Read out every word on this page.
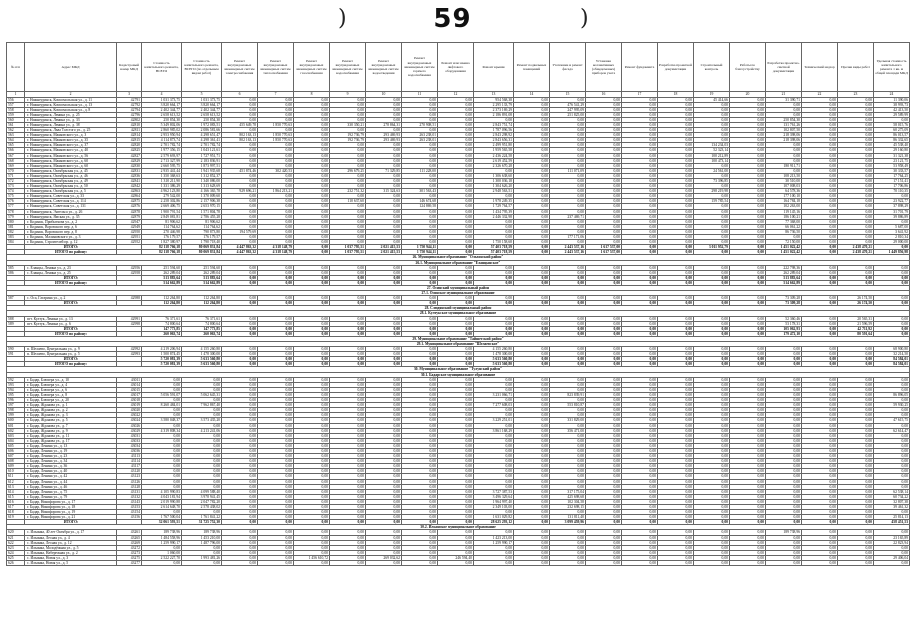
)	59	)
№ п/п	Адрес МКД	Кадастровый номер МКД	Стоимость капитального ремонта, ВСЕГО	Стоимость капитального ремонта, ВСЕГО (по отдельным видам работ)	Ремонт внутридомовых инженерных систем электроснабжения	Ремонт внутридомовых инженерных систем теплоснабжения	Ремонт внутридомовых инженерных систем газоснабжения	Ремонт внутридомовых инженерных систем водоснабжения	Ремонт внутридомовых инженерных систем водоотведения	Ремонт внутридомовых инженерных систем горячего водоснабжения	Ремонт или замена лифтового оборудования	Ремонт крыши	Ремонт подвальных помещений	Утепление и ремонт фасада	Установка коллективных (общедомовых) приборов учета	Ремонт фундамента	Разработка проектной документации	Строительный контроль	Работы по благоустройству	Разработка проектно-сметной документации	Технический надзор	Прочие виды работ	Удельная стоимость капитального ремонта 1 кв. м общей площади МКД
1	2	3	4	5	6	7	8	9	10	11	12	13	14	15	16	17	18	19	20	21	22	23	24
556	г. Нижнеудинск, Комсомольская ул., д. 11	42791	1 031 373,75	1 031 373,75	0,00	0,00	0,00	0,00	0,00	0,00	0,00	954 568,38	0,00	0,00	0,00	0,00	0,00	45 414,66	0,00	31 390,71	0,00	0,00	11 390,06
557	г. Нижнеудинск, Комсомольская ул., д. 13	42792	3 820 664,17	3 820 664,17	0,00	0,00	0,00	0,00	0,00	0,00	0,00	2 295 133,79	0,00	476 541,29	0,00	0,00	0,00	0,00	0,00	0,00	0,00	0,00	38 993,73
558	г. Нижнеудинск, Комсомольская ул., д. 8	42794	2 402 344,77	2 402 344,77	0,00	0,00	0,00	0,00	0,00	0,00	0,00	2 373 169,29	0,00	247 995,09	0,00	0,00	0,00	0,00	0,00	0,00	0,00	0,00	42 413,50
559	г. Нижнеудинск, Ленина ул., д. 25	42796	2 658 613,52	2 658 613,52	0,00	0,00	0,00	0,00	0,00	0,00	0,00	2 186 891,08	0,00	251 825,00	0,00	0,00	0,00	0,00	0,00	0,00	0,00	0,00	29 589,99
560	г. Нижнеудинск, Ленина ул., д. 33	42802	250 854,30	250 854,30	0,00	0,00	0,00	0,00	0,00	0,00	0,00	0,00	0,00	0,00	0,00	0,00	0,00	0,00	0,00	250 854,30	0,00	0,00	0,00
561	г. Нижнеудинск, Ленина ул., д. 38	42810	5 349 802,06	1 972 083,51	455 649,78	1 850 770,63	0,00	330 350,21	278 864,31	270 908,51	0,00	2 843 751,74	0,00	0,00	0,00	0,00	0,00	0,00	0,00	131 761,26	0,00	0,00	58 015,76
562	г. Нижнеудинск, Льва Толстого ул., д. 25	42811	2 860 985,02	2 086 581,66	0,00	0,00	0,00	0,00	0,00	0,00	0,00	1 787 096,56	0,00	0,00	0,00	0,00	0,00	0,00	0,00	102 807,50	0,00	0,00	60 275,09
563	г. Нижнеудинск, Маяковского ул., д. 3	42814	2 953 950,94	4 298 651,47	802 163,13	1 850 770,63	0,00	192 736,79	293 469,93	263 238,01	0,00	2 843 298,92	0,00	0,00	0,00	0,00	0,00	0,00	0,00	218 398,06	0,00	0,00	86 013,57
564	г. Нижнеудинск, Маяковского ул., д. 35	42815	4 114 873,74	4 298 361,41	802 163,13	1 850 770,63	0,00	192 736,79	293 469,93	263 238,01	0,00	2 843 656,31	0,00	0,00	0,00	0,00	0,00	0,00	0,00	218 398,06	0,00	0,00	86 332,65
565	г. Нижнеудинск, Маяковского ул., д. 37	42820	2 701 782,74	2 701 782,74	0,00	0,00	0,00	0,00	0,00	0,00	0,00	2 499 951,80	0,00	0,00	0,00	0,00	0,00	134 234,03	0,00	0,00	0,00	0,00	45 538,40
566	г. Нижнеудинск, Маяковского ул., д. 40	42825	1 977 356,15	1 043 121,61	0,00	0,00	0,00	0,00	0,00	0,00	0,00	1 959 565,58	0,00	0,00	0,00	0,00	0,00	52 323,14	0,00	0,00	0,00	0,00	29 160,80
567	г. Нижнеудинск, Маяковского ул., д. 56	42827	2 579 693,97	1 727 951,71	0,00	0,00	0,00	0,00	0,00	0,00	0,00	2 436 224,58	0,00	0,00	0,00	0,00	0,00	100 212,89	0,00	0,00	0,00	0,00	31 321,38
568	г. Нижнеудинск, Маяковского ул., д. 60	42829	2 713 327,99	2 183 836,91	0,00	0,00	0,00	0,00	0,00	0,00	0,00	2 619 452,59	0,00	0,00	0,00	0,00	0,00	100 473,14	0,00	0,00	0,00	0,00	23 121,75
569	г. Нижнеудинск, Маяковского ул., д. 60	42830	2 660 595,75	1 873 997,51	0,00	0,00	0,00	0,00	0,00	0,00	0,00	2 326 670,28	0,00	0,00	0,00	0,00	0,00	0,00	0,00	180 911,71	0,00	0,00	53 958,49
570	г. Нижнеудинск, Октябрьская ул., д. 45	42831	2 935 441,44	1 941 935,68	451 874,46	302 420,53	0,00	296 679,25	71 329,85	111 228,00	0,00	0,00	0,00	111 071,09	0,00	0,00	0,00	24 561,00	0,00	0,00	0,00	0,00	30 333,57
571	г. Нижнеудинск, Октябрьская ул., д. 46	42836	1 350 368,63	1 312 852,37	0,00	0,00	0,00	0,00	0,00	0,00	0,00	1 306 638,60	0,00	0,00	0,00	0,00	0,00	0,00	0,00	108 213,50	0,00	0,00	17 764,25
572	г. Нижнеудинск, Октябрьская ул., д. 49	42841	1 310 211,90	1 340 086,00	0,00	0,00	0,00	0,00	0,00	0,00	0,00	1 300 036,18	0,00	0,00	0,00	0,00	0,00	73 396,85	0,00	30 510,00	0,00	0,00	17 151,41
573	г. Нижнеудинск, Октябрьская ул., д. 50	42842	1 331 386,29	1 313 628,69	0,00	0,00	0,00	0,00	0,00	0,00	0,00	1 304 626,20	0,00	0,00	0,00	0,00	0,00	0,00	0,00	107 008,03	0,00	0,00	17 706,86
574	г. Нижнеудинск, Октябрьская ул., д. 5	42863	4 962 123,80	4 166 365,78	929 696,21	1 864 213,21	0,00	232 751,32	315 324,63	301 563,43	0,00	2 948 563,51	0,00	0,00	0,00	0,00	0,00	298 219,98	0,00	64 578,36	0,00	0,00	70 110,35
575	г. Нижнеудинск, Советская ул., д. 33	42864	279 542,00	1 370 009,60	0,00	0,00	0,00	0,00	0,00	0,00	0,00	0,00	0,00	0,00	0,00	0,00	0,00	0,00	0,00	177 100,10	0,00	0,00	0,00
576	г. Нижнеудинск, Советская ул., д. 114	42875	2 258 302,86	2 157 906,38	0,00	0,00	0,00	110 637,60	0,00	146 674,68	0,00	1 978 249,35	0,00	0,00	0,00	0,00	0,00	159 785,54	0,00	164 784,18	0,00	0,00	23 922,77
577	г. Нижнеудинск, Советская ул., д. 131	42876	2 669 406,75	2 653 970,15	0,00	0,00	0,00	0,00	0,00	124 869,58	0,00	1 729 764,57	0,00	0,00	0,00	0,00	0,00	0,00	0,00	102 263,00	0,00	0,00	37 898,29
578	г. Нижнеудинск, Энгельса ул., д. 26	42878	1 900 791,54	1 571 804,78	0,00	0,00	0,00	0,00	0,00	0,00	0,00	1 434 795,39	0,00	0,00	0,00	0,00	0,00	0,00	0,00	119 145,16	0,00	0,00	31 701,79
579	г. Нижнеудинск, Ямская ул., д. 35	42879	2 849 081,81	2 786 455,28	0,00	0,00	0,00	0,00	0,00	0,00	0,00	2 446 332,98	0,00	237 469,71	0,00	0,00	0,00	0,00	0,00	186 100,21	0,00	0,00	39 886,89
580	г. Кодинск, Прибыткова ул., д. 2	42947	81 906,62	81 906,62	0,00	0,00	0,00	0,00	0,00	0,00	0,00	0,00	0,00	0,00	0,00	0,00	0,00	0,00	0,00	77 368,00	0,00	0,00	0,00
581	г. Кодинск, Воровского пер. д. 6	42949	114 764,62	114 764,62	0,00	0,00	0,00	0,00	0,00	0,00	0,00	0,00	0,00	0,00	0,00	0,00	0,00	0,00	0,00	66 061,22	0,00	0,00	5 687,00
582	г. Кодинск, Воровского пер. д. 8	42950	270 446,98	790 873,80	194 579,69	0,00	0,00	0,00	0,00	0,00	0,00	0,00	0,00	0,00	0,00	0,00	0,00	0,00	0,00	86 736,50	0,00	0,00	3 641,92
583	г. Кодинск, Малиновского ул., д. 3	42951	176 179,57	176 179,57	0,00	0,00	0,00	0,00	0,00	0,00	0,00	0,00	0,00	177 171,06	0,00	0,00	0,00	0,00	0,00	0,00	0,00	0,00	2 810,34
584	г. Кодинск, Строителей пр. д. 12	42952	1 827 380,97	1 790 718,40	0,00	0,00	0,00	0,00	0,00	0,00	0,00	1 750 158,68	0,00	0,00	0,00	0,00	0,00	0,00	0,00	72 150,00	0,00	0,00	29 000,00
	ИТОГО:		82 118 766,18	80 069 831,84	4 447 863,32	4 318 148,79	0,00	1 037 795,51	2 021 415,53	1 750 944,11	0,00	57 403 718,59	0,00	2 443 537,16	1 617 537,00	0,00	0,00	3 011 952,79	0,00	1 451 022,42	0,00	2 438 470,21	0,00
	ИТОГО по району:		82 118 766,18	80 069 831,84	4 447 863,32	4 318 148,79	0,00	1 037 795,51	2 021 415,53	1 750 944,11	0,00	57 403 718,59	0,00	2 443 537,16	1 617 537,00	0,00	0,00	0,00	0,00	1 451 022,42	0,00	2 438 470,21	1 449 856,98
26. Муниципальное образование "Ольхонский район"																							
26.1. Муниципальное образование "Еланцынское"																							
585	с. Еланцы, Ленина ул., д. 23	42956	251 594,60	251 594,60	0,00	0,00	0,00	0,00	0,00	0,00	0,00	0,00	0,00	0,00	0,00	0,00	0,00	0,00	0,00	222 798,36	0,00	0,00	0,00
586	с. Еланцы, Ленина ул., д. 25	42958	262 289,04	262 289,04	0,00	0,00	0,00	0,00	0,00	0,00	0,00	0,00	0,00	0,00	0,00	0,00	0,00	0,00	0,00	262 289,04	0,00	0,00	0,00
	ИТОГО:		513 883,64	513 883,64	0,00	0,00	0,00	0,00	0,00	0,00	0,00	0,00	0,00	0,00	0,00	0,00	0,00	0,00	0,00	513 883,64	0,00	0,00	0,00
	ИТОГО по району:		514 662,89	514 662,89	0,00	0,00	0,00	0,00	0,00	0,00	0,00	0,00	0,00	0,00	0,00	0,00	0,00	0,00	0,00	514 662,89	0,00	0,00	0,00
27. Осинский муниципальный район																							
27.1. Осинское муниципальное образование																							
587	с. Оса, Гагарина ул., д. 2	42988	112 264,80	112 264,80	0,00	0,00	0,00	0,00	0,00	0,00	0,00	0,00	0,00	0,00	0,00	0,00	0,00	0,00	0,00	73 309,28	0,00	26 174,50	0,00
	ИТОГО:		112 264,80	112 264,80	0,00	0,00	0,00	0,00	0,00	0,00	0,00	0,00	0,00	0,00	0,00	0,00	0,00	0,00	0,00	73 309,28	0,00	26 174,50	0,00
28. Слюдянский муниципальный район																							
28.1. Култукское муниципальное образование																							
588	пгт. Култук, Ленина ул., д. 13	42991	76 371,61	76 371,61	0,00	0,00	0,00	0,00	0,00	0,00	0,00	0,00	0,00	0,00	0,00	0,00	0,00	0,00	0,00	52 360,46	0,00	20 565,31	0,00
589	пгт. Култук, Ленина ул., д. 6	42998	74 800,64	74 800,64	0,00	0,00	0,00	0,00	0,00	0,00	0,00	0,00	0,00	0,00	0,00	0,00	0,00	0,00	0,00	53 178,31	0,00	21 596,59	0,00
	ИТОГО:		147 773,85	147 773,85	0,00	0,00	0,00	0,00	0,00	0,00	0,00	0,00	0,00	0,00	0,00	0,00	0,00	0,00	0,00	105 062,93	0,00	42 711,92	0,00
	ИТОГО по району:		260 063,74	260 063,74	0,00	0,00	0,00	0,00	0,00	0,00	0,00	0,00	0,00	0,00	0,00	0,00	0,00	0,00	0,00	179 472,10	0,00	80 591,64	0,00
29. Муниципальное образование "Тайшетский район"																							
29.1. Муниципальное образование "Шелаевское"																							
590	п. Шелаево, Центральная ул., д. 9	42992	4 219 206,94	4 155 260,80	0,00	0,00	0,00	0,00	0,00	0,00	0,00	4 155 260,80	0,00	0,00	0,00	0,00	0,00	0,00	0,00	0,00	0,00	0,00	68 900,80
591	п. Шелаево, Центральная ул., д. 5	42993	1 500 874,45	1 478 300,00	0,00	0,00	0,00	0,00	0,00	0,00	0,00	1 478 300,00	0,00	0,00	0,00	0,00	0,00	0,00	0,00	0,00	0,00	0,00	32 214,50
	ИТОГО:		5 720 081,39	5 633 560,80	0,00	0,00	0,00	0,00	0,00	0,00	0,00	5 633 560,80	0,00	0,00	0,00	0,00	0,00	0,00	0,00	0,00	0,00	0,00	84 584,01
	ИТОГО по району:		5 720 081,39	5 633 560,80	0,00	0,00	0,00	0,00	0,00	0,00	0,00	5 633 560,80	0,00	0,00	0,00	0,00	0,00	0,00	0,00	0,00	0,00	0,00	84 584,01
30. Муниципальное образование "Тулунский район"																							
30.1. Бадарское муниципальное образование																							
592	г. Бадар, Блюхера ул., д. 10	43011	0,00	0,00	0,00	0,00	0,00	0,00	0,00	0,00	0,00	0,00	0,00	0,00	0,00	0,00	0,00	0,00	0,00	0,00	0,00	0,00	0,00
593	г. Бадар, Блюхера ул., д. 4	43014	0,00	0,00	0,00	0,00	0,00	0,00	0,00	0,00	0,00	0,00	0,00	0,00	0,00	0,00	0,00	0,00	0,00	0,00	0,00	0,00	0,00
594	г. Бадар, Блюхера ул., д. 6	43015	0,00	0,00	0,00	0,00	0,00	0,00	0,00	0,00	0,00	0,00	0,00	0,00	0,00	0,00	0,00	0,00	0,00	0,00	0,00	0,00	0,00
595	г. Бадар, Блюхера ул., д. 8	43017	5 056 591,07	5 062 645,31	0,00	0,00	0,00	0,00	0,00	0,00	0,00	3 231 066,71	0,00	823 839,91	0,00	0,00	0,00	0,00	0,00	0,00	0,00	0,00	86 896,05
596	г. Бадар, Блюхера ул., д. 20	43018	0,00	0,00	0,00	0,00	0,00	0,00	0,00	0,00	0,00	0,00	0,00	0,00	0,00	0,00	0,00	0,00	0,00	0,00	0,00	0,00	0,00
597	г. Бадар, Жданова ул., д. 1	43019	8 260 484,01	7 962 867,40	0,00	0,00	0,00	0,00	0,00	0,00	0,00	7 277 608,03	0,00	553 810,87	0,00	0,00	0,00	0,00	0,00	0,00	0,00	0,00	59 930,25
598	г. Бадар, Жданова ул., д. 2	43020	0,00	0,00	0,00	0,00	0,00	0,00	0,00	0,00	0,00	0,00	0,00	0,00	0,00	0,00	0,00	0,00	0,00	0,00	0,00	0,00	0,00
599	г. Бадар, Жданова ул., д. 3	43022	0,00	0,00	0,00	0,00	0,00	0,00	0,00	0,00	0,00	0,00	0,00	0,00	0,00	0,00	0,00	0,00	0,00	0,00	0,00	0,00	0,00
600	г. Бадар, Жданова ул., д. 5	43024	3 580 048,37	3 573 435,20	0,00	0,00	0,00	0,00	0,00	0,00	0,00	3 229 251,01	0,00	331 829,00	0,00	0,00	0,00	0,00	0,00	0,00	0,00	0,00	47 615,75
601	г. Бадар, Жданова ул., д. 7	43026	0,00	0,00	0,00	0,00	0,00	0,00	0,00	0,00	0,00	0,00	0,00	0,00	0,00	0,00	0,00	0,00	0,00	0,00	0,00	0,00	0,00
602	г. Бадар, Жданова ул., д. 9	43029	4 319 808,34	4 213 241,06	0,00	0,00	0,00	0,00	0,00	0,00	0,00	3 861 168,29	0,00	356 471,00	0,00	0,00	0,00	0,00	0,00	0,00	0,00	0,00	62 614,47
603	г. Бадар, Жданова ул., д. 11	43031	0,00	0,00	0,00	0,00	0,00	0,00	0,00	0,00	0,00	0,00	0,00	0,00	0,00	0,00	0,00	0,00	0,00	0,00	0,00	0,00	0,00
604	г. Бадар, Жданова ул., д. 17	43033	0,00	0,00	0,00	0,00	0,00	0,00	0,00	0,00	0,00	0,00	0,00	0,00	0,00	0,00	0,00	0,00	0,00	0,00	0,00	0,00	0,00
605	г. Бадар, Ленина ул., д. 13	43034	0,00	0,00	0,00	0,00	0,00	0,00	0,00	0,00	0,00	0,00	0,00	0,00	0,00	0,00	0,00	0,00	0,00	0,00	0,00	0,00	0,00
606	г. Бадар, Ленина ул., д. 19	43036	0,00	0,00	0,00	0,00	0,00	0,00	0,00	0,00	0,00	0,00	0,00	0,00	0,00	0,00	0,00	0,00	0,00	0,00	0,00	0,00	0,00
607	г. Бадар, Ленина ул., д. 23	43113	0,00	0,00	0,00	0,00	0,00	0,00	0,00	0,00	0,00	0,00	0,00	0,00	0,00	0,00	0,00	0,00	0,00	0,00	0,00	0,00	0,00
608	г. Бадар, Ленина ул., д. 34	43114	0,00	0,00	0,00	0,00	0,00	0,00	0,00	0,00	0,00	0,00	0,00	0,00	0,00	0,00	0,00	0,00	0,00	0,00	0,00	0,00	0,00
609	г. Бадар, Ленина ул., д. 36	43117	0,00	0,00	0,00	0,00	0,00	0,00	0,00	0,00	0,00	0,00	0,00	0,00	0,00	0,00	0,00	0,00	0,00	0,00	0,00	0,00	0,00
610	г. Бадар, Ленина ул., д. 40	43120	0,00	0,00	0,00	0,00	0,00	0,00	0,00	0,00	0,00	0,00	0,00	0,00	0,00	0,00	0,00	0,00	0,00	0,00	0,00	0,00	0,00
611	г. Бадар, Ленина ул., д. 42	43123	0,00	0,00	0,00	0,00	0,00	0,00	0,00	0,00	0,00	0,00	0,00	0,00	0,00	0,00	0,00	0,00	0,00	0,00	0,00	0,00	0,00
612	г. Бадар, Ленина ул., д. 44	43126	0,00	0,00	0,00	0,00	0,00	0,00	0,00	0,00	0,00	0,00	0,00	0,00	0,00	0,00	0,00	0,00	0,00	0,00	0,00	0,00	0,00
613	г. Бадар, Ленина ул., д. 46	43128	0,00	0,00	0,00	0,00	0,00	0,00	0,00	0,00	0,00	0,00	0,00	0,00	0,00	0,00	0,00	0,00	0,00	0,00	0,00	0,00	0,00
614	г. Бадар, Ленина ул., д. 75	43131	4 105 990,83	4 099 588,40	0,00	0,00	0,00	0,00	0,00	0,00	0,00	3 727 387,53	0,00	317 175,04	0,00	0,00	0,00	0,00	0,00	0,00	0,00	0,00	62 538,14
615	г. Бадар, Ленина ул., д. 79	43132	4 043 181,94	3 978 941,45	0,00	0,00	0,00	0,00	0,00	0,00	0,00	3 496 329,64	0,00	425 698,68	0,00	0,00	0,00	0,00	0,00	0,00	0,00	0,00	60 734,22
616	г. Бадар, Никифорова ул., д. 17	43143	2 019 990,88	2 047 782,20	0,00	0,00	0,00	0,00	0,00	0,00	0,00	1 964 997,40	0,00	102 304,58	0,00	0,00	0,00	0,00	0,00	0,00	0,00	0,00	32 807,38
617	г. Бадар, Никифорова ул., д. 18	43153	2 614 648,70	2 578 438,02	0,00	0,00	0,00	0,00	0,00	0,00	0,00	2 349 103,00	0,00	232 698,15	0,00	0,00	0,00	0,00	0,00	0,00	0,00	0,00	39 461,32
618	г. Бадар, Никифорова ул., д. 19	43154	0,00	0,00	0,00	0,00	0,00	0,00	0,00	0,00	0,00	0,00	0,00	0,00	0,00	0,00	0,00	0,00	0,00	0,00	0,00	0,00	0,00
619	г. Бадар, Никифорова ул., д. 21	43156	1 767 500,04	1 761 841,22	0,00	0,00	0,00	0,00	0,00	0,00	0,00	1 631 029,82	0,00	131 811,40	0,00	0,00	0,00	0,00	0,00	0,00	0,00	0,00	25 814,13
	ИТОГО:		32 061 593,51	31 725 752,30	0,00	0,00	0,00	0,00	0,00	0,00	0,00	28 625 293,12	0,00	3 099 459,96	0,00	0,00	0,00	0,00	0,00	0,00	0,00	0,00	458 451,53
30.2. Ильинское муниципальное образование																							
620	с. Ильинка, 40 лет Октября ул., д. 17	43261	189 738,96	189 738,96	0,00	0,00	0,00	0,00	0,00	0,00	0,00	0,00	0,00	0,00	0,00	0,00	0,00	0,00	0,00	189 738,96	0,00	0,00	0,00
621	с. Ильинка, Лесная ул., д. 4	43265	1 484 558,96	1 453 210,00	0,00	0,00	0,00	0,00	0,00	0,00	0,00	1 423 213,00	0,00	0,00	0,00	0,00	0,00	0,00	0,00	0,00	0,00	0,00	23 165,89
622	с. Ильинка, Лесная ул., д. 12	43269	1 259 990,17	1 487 796,00	0,00	0,00	0,00	0,00	0,00	0,00	0,00	1 259 990,17	0,00	0,00	0,00	0,00	0,00	0,00	0,00	0,00	0,00	0,00	22 823,94
623	с. Ильинка, Молодёжная ул., д. 5	43272	0,00	0,00	0,00	0,00	0,00	0,00	0,00	0,00	0,00	0,00	0,00	0,00	0,00	0,00	0,00	0,00	0,00	0,00	0,00	0,00	0,00
624	с. Ильинка, Набережная ул., д. 2	43273	1 060,00	0,00	0,00	0,00	0,00	0,00	0,00	0,00	0,00	0,00	0,00	0,00	0,00	0,00	0,00	0,00	0,00	0,00	0,00	0,00	0,00
625	с. Ильинка, Новая ул., д. 3	43275	2 522 227,70	1 993 481,26	0,00	0,00	1 456 610,72	0,00	269 032,62	0,00	246 594,40	0,00	0,00	0,00	0,00	0,00	0,00	0,00	0,00	0,00	0,00	0,00	29 406,04
626	с. Ильинка, Новая ул., д. 5	43277	0,00	0,00	0,00	0,00	0,00	0,00	0,00	0,00	0,00	0,00	0,00	0,00	0,00	0,00	0,00	0,00	0,00	0,00	0,00	0,00	0,00
